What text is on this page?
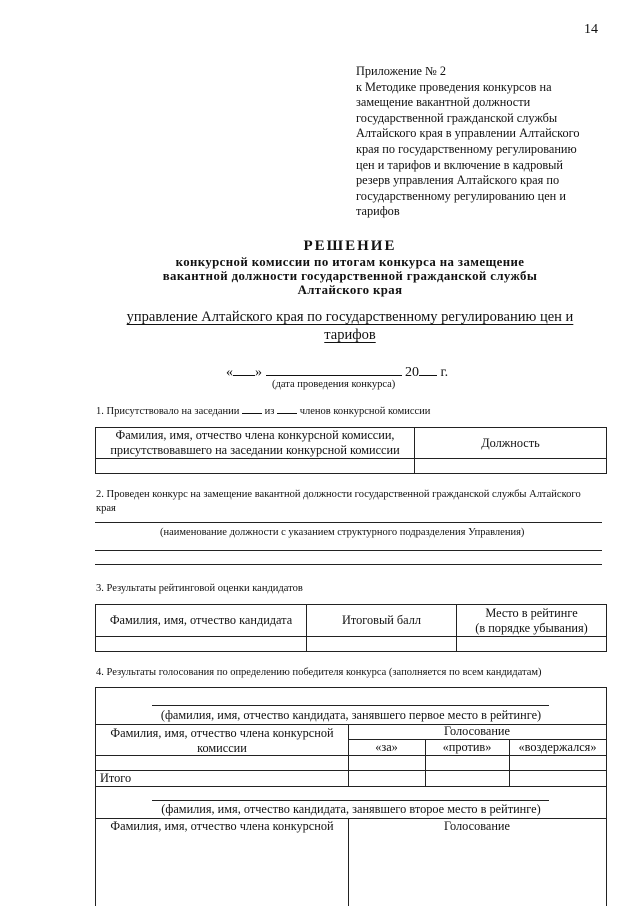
14
Приложение № 2
к Методике проведения конкурсов на
замещение вакантной должности
государственной гражданской службы
Алтайского края в управлении Алтайского
края по государственному регулированию
цен и тарифов и включение в кадровый
резерв управления Алтайского края по
государственному регулированию цен и
тарифов
РЕШЕНИЕ
конкурсной комиссии по итогам конкурса на замещение
вакантной должности государственной гражданской службы
Алтайского края
управление Алтайского края по государственному регулированию цен и
тарифов
« »	20 г.
(дата проведения конкурса)
1. Присутствовало на заседании из членов конкурсной комиссии
Фамилия, имя, отчество члена конкурсной комиссии, присутствовавшего на заседании конкурсной комиссии	Должность

2. Проведен конкурс на замещение вакантной должности государственной гражданской службы Алтайского
края
(наименование должности с указанием структурного подразделения Управления)
3. Результаты рейтинговой оценки кандидатов
Фамилия, имя, отчество кандидата	Итоговый балл	Место в рейтинге
(в порядке убывания)

4. Результаты голосования по определению победителя конкурса (заполняется по всем кандидатам)
(фамилия, имя, отчество кандидата, занявшего первое место в рейтинге)
Голосование
Фамилия, имя, отчество члена конкурсной
комиссии	«за»	«против»	«воздержался»
Итого
(фамилия, имя, отчество кандидата, занявшего второе место в рейтинге)
Фамилия, имя, отчество члена конкурсной	Голосование
